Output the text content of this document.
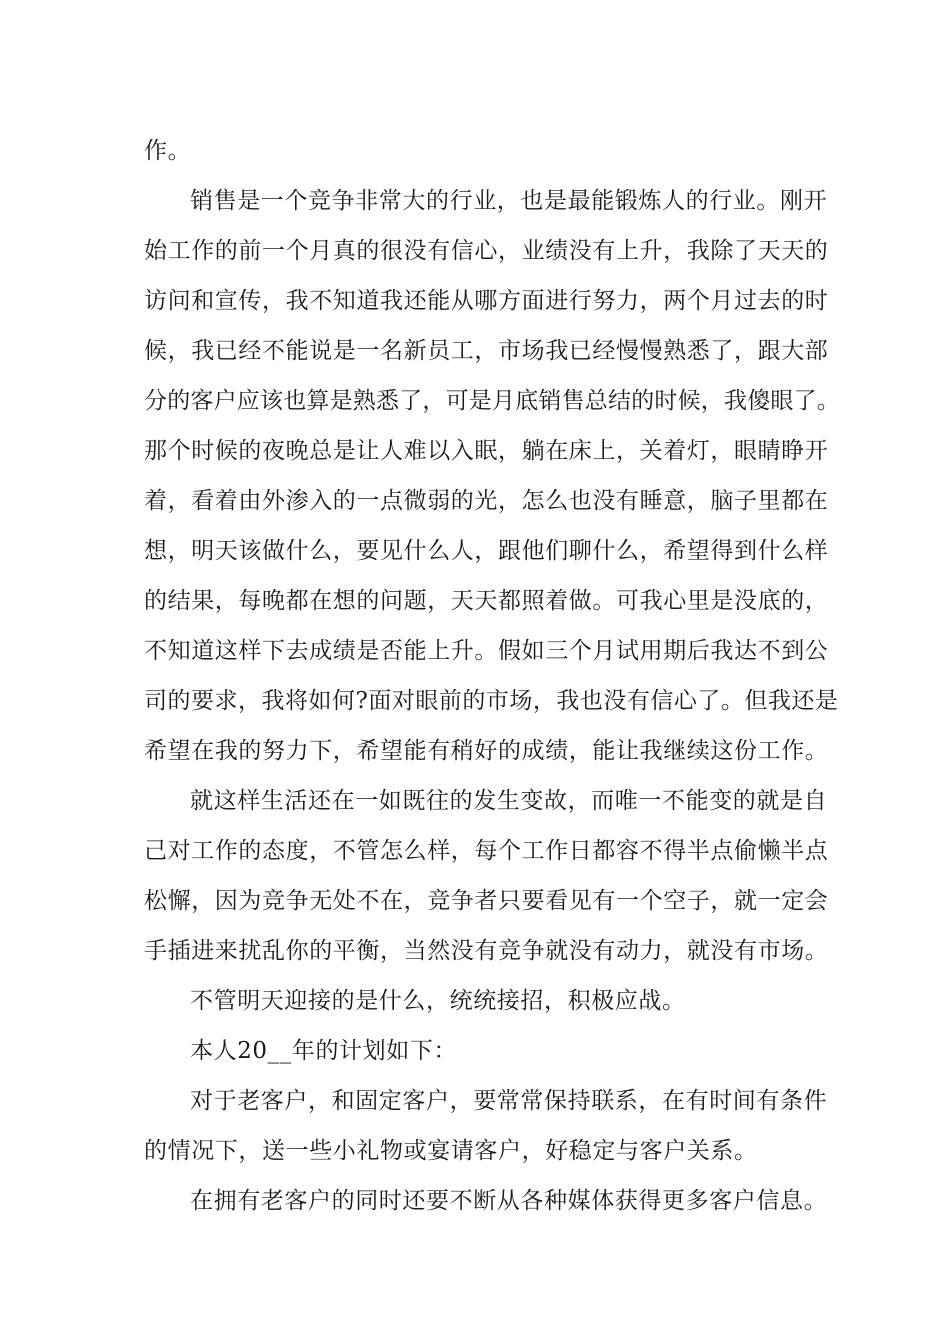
作。
销售是一个竞争非常大的行业，也是最能锻炼人的行业。刚开
始工作的前一个月真的很没有信心，业绩没有上升，我除了天天的
访问和宣传，我不知道我还能从哪方面进行努力，两个月过去的时
候，我已经不能说是一名新员工，市场我已经慢慢熟悉了，跟大部
分的客户应该也算是熟悉了，可是月底销售总结的时候，我傻眼了。
那个时候的夜晚总是让人难以入眠，躺在床上，关着灯，眼睛睁开
着，看着由外渗入的一点微弱的光，怎么也没有睡意，脑子里都在
想，明天该做什么，要见什么人，跟他们聊什么，希望得到什么样
的结果，每晚都在想的问题，天天都照着做。可我心里是没底的，
不知道这样下去成绩是否能上升。假如三个月试用期后我达不到公
司的要求，我将如何?面对眼前的市场，我也没有信心了。但我还是
希望在我的努力下，希望能有稍好的成绩，能让我继续这份工作。
就这样生活还在一如既往的发生变故，而唯一不能变的就是自
己对工作的态度，不管怎么样，每个工作日都容不得半点偷懒半点
松懈，因为竞争无处不在，竞争者只要看见有一个空子，就一定会
手插进来扰乱你的平衡，当然没有竞争就没有动力，就没有市场。
不管明天迎接的是什么，统统接招，积极应战。
本人20__年的计划如下：
对于老客户，和固定客户，要常常保持联系，在有时间有条件
的情况下，送一些小礼物或宴请客户，好稳定与客户关系。
在拥有老客户的同时还要不断从各种媒体获得更多客户信息。
